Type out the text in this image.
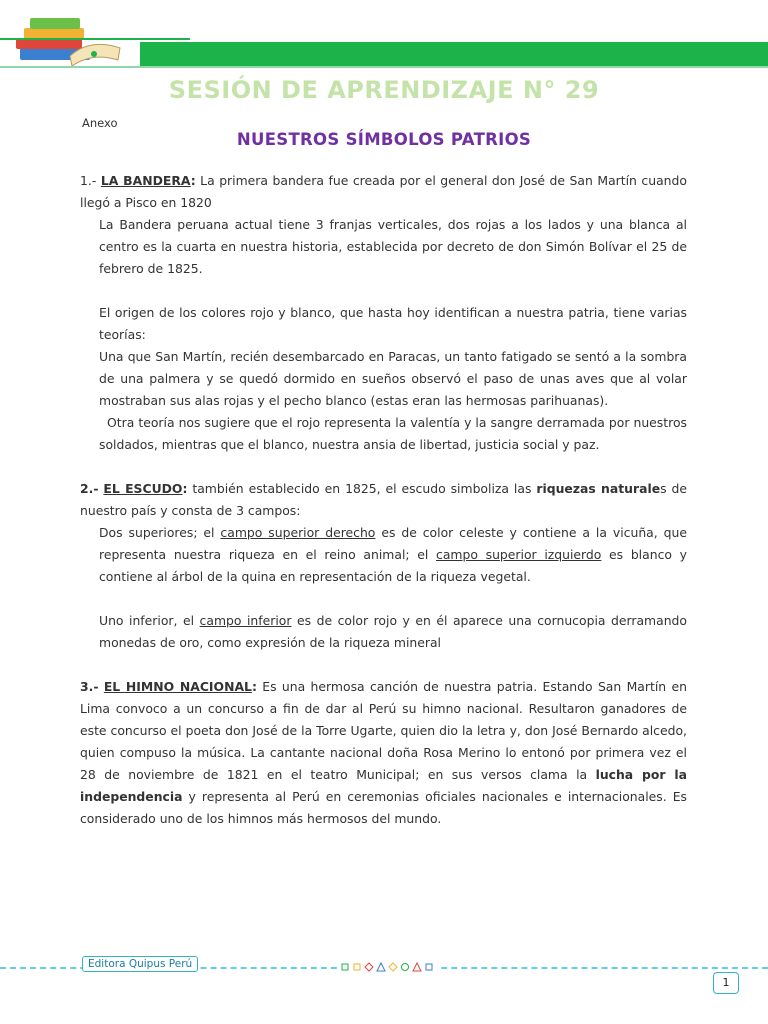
IV CICLO
SESIÓN DE APRENDIZAJE N° 29
Anexo
NUESTROS SÍMBOLOS PATRIOS

1.- LA BANDERA: La primera bandera fue creada por el general don José de San Martín cuando llegó a Pisco en 1820

La Bandera peruana actual tiene 3 franjas verticales, dos rojas a los lados y una blanca al centro es la cuarta en nuestra historia, establecida por decreto de don Simón Bolívar el 25 de febrero de 1825.

El origen de los colores rojo y blanco, que hasta hoy identifican a nuestra patria, tiene varias teorías:

Una que San Martín, recién desembarcado en Paracas, un tanto fatigado se sentó a la sombra de una palmera y se quedó dormido en sueños observó el paso de unas aves que al volar mostraban sus alas rojas y el pecho blanco (estas eran las hermosas parihuanas).

Otra teoría nos sugiere que el rojo representa la valentía y la sangre derramada por nuestros soldados, mientras que el blanco, nuestra ansia de libertad, justicia social y paz.

2.- EL ESCUDO: también establecido en 1825, el escudo simboliza las riquezas naturales de nuestro país y consta de 3 campos:

Dos superiores; el campo superior derecho es de color celeste y contiene a la vicuña, que representa nuestra riqueza en el reino animal; el campo superior izquierdo es blanco y contiene al árbol de la quina en representación de la riqueza vegetal.

Uno inferior, el campo inferior es de color rojo y en él aparece una cornucopia derramando monedas de oro, como expresión de la riqueza mineral

3.- EL HIMNO NACIONAL: Es una hermosa canción de nuestra patria. Estando San Martín en Lima convoco a un concurso a fin de dar al Perú su himno nacional. Resultaron ganadores de este concurso el poeta don José de la Torre Ugarte, quien dio la letra y, don José Bernardo alcedo, quien compuso la música. La cantante nacional doña Rosa Merino lo entonó por primera vez el 28 de noviembre de 1821 en el teatro Municipal; en sus versos clama la lucha por la independencia y representa al Perú en ceremonias oficiales nacionales e internacionales. Es considerado uno de los himnos más hermosos del mundo.

Editora Quipus Perú
1
